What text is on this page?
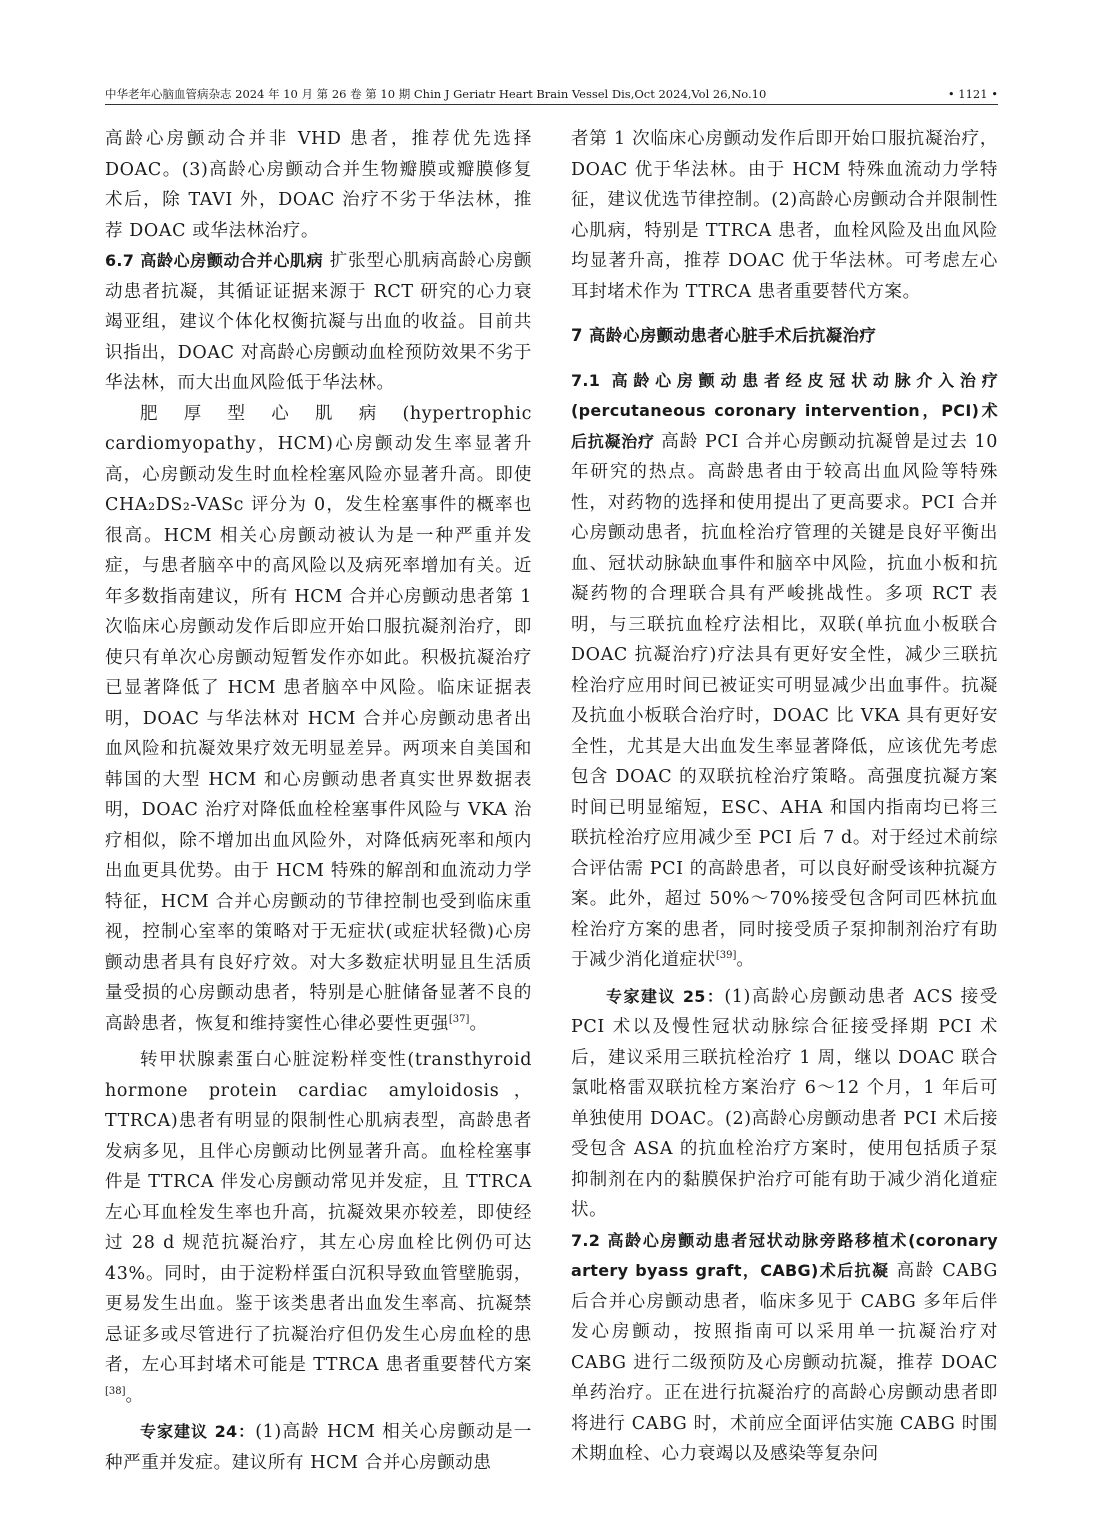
中华老年心脑血管病杂志 2024 年 10 月 第 26 卷 第 10 期 Chin J Geriatr Heart Brain Vessel Dis,Oct 2024,Vol 26,No.10	• 1121 •

高龄心房颤动合并非 VHD 患者，推荐优先选择 DOAC。(3)高龄心房颤动合并生物瓣膜或瓣膜修复术后，除 TAVI 外，DOAC 治疗不劣于华法林，推荐 DOAC 或华法林治疗。

6.7 高龄心房颤动合并心肌病 扩张型心肌病高龄心房颤动患者抗凝，其循证证据来源于 RCT 研究的心力衰竭亚组，建议个体化权衡抗凝与出血的收益。目前共识指出，DOAC 对高龄心房颤动血栓预防效果不劣于华法林，而大出血风险低于华法林。

肥厚型心肌病(hypertrophic cardiomyopathy，HCM)心房颤动发生率显著升高，心房颤动发生时血栓栓塞风险亦显著升高。即使 CHA₂DS₂-VASc 评分为 0，发生栓塞事件的概率也很高。HCM 相关心房颤动被认为是一种严重并发症，与患者脑卒中的高风险以及病死率增加有关。近年多数指南建议，所有 HCM 合并心房颤动患者第 1 次临床心房颤动发作后即应开始口服抗凝剂治疗，即使只有单次心房颤动短暂发作亦如此。积极抗凝治疗已显著降低了 HCM 患者脑卒中风险。临床证据表明，DOAC 与华法林对 HCM 合并心房颤动患者出血风险和抗凝效果疗效无明显差异。两项来自美国和韩国的大型 HCM 和心房颤动患者真实世界数据表明，DOAC 治疗对降低血栓栓塞事件风险与 VKA 治疗相似，除不增加出血风险外，对降低病死率和颅内出血更具优势。由于 HCM 特殊的解剖和血流动力学特征，HCM 合并心房颤动的节律控制也受到临床重视，控制心室率的策略对于无症状(或症状轻微)心房颤动患者具有良好疗效。对大多数症状明显且生活质量受损的心房颤动患者，特别是心脏储备显著不良的高龄患者，恢复和维持窦性心律必要性更强[37]。

转甲状腺素蛋白心脏淀粉样变性(transthyroid hormone protein cardiac amyloidosis，TTRCA)患者有明显的限制性心肌病表型，高龄患者发病多见，且伴心房颤动比例显著升高。血栓栓塞事件是 TTRCA 伴发心房颤动常见并发症，且 TTRCA 左心耳血栓发生率也升高，抗凝效果亦较差，即使经过 28 d 规范抗凝治疗，其左心房血栓比例仍可达 43%。同时，由于淀粉样蛋白沉积导致血管壁脆弱，更易发生出血。鉴于该类患者出血发生率高、抗凝禁忌证多或尽管进行了抗凝治疗但仍发生心房血栓的患者，左心耳封堵术可能是 TTRCA 患者重要替代方案[38]。

专家建议 24：(1)高龄 HCM 相关心房颤动是一种严重并发症。建议所有 HCM 合并心房颤动患

者第 1 次临床心房颤动发作后即开始口服抗凝治疗，DOAC 优于华法林。由于 HCM 特殊血流动力学特征，建议优选节律控制。(2)高龄心房颤动合并限制性心肌病，特别是 TTRCA 患者，血栓风险及出血风险均显著升高，推荐 DOAC 优于华法林。可考虑左心耳封堵术作为 TTRCA 患者重要替代方案。

7 高龄心房颤动患者心脏手术后抗凝治疗

7.1 高龄心房颤动患者经皮冠状动脉介入治疗(percutaneous coronary intervention，PCI)术后抗凝治疗 高龄 PCI 合并心房颤动抗凝曾是过去 10 年研究的热点。高龄患者由于较高出血风险等特殊性，对药物的选择和使用提出了更高要求。PCI 合并心房颤动患者，抗血栓治疗管理的关键是良好平衡出血、冠状动脉缺血事件和脑卒中风险，抗血小板和抗凝药物的合理联合具有严峻挑战性。多项 RCT 表明，与三联抗血栓疗法相比，双联(单抗血小板联合 DOAC 抗凝治疗)疗法具有更好安全性，减少三联抗栓治疗应用时间已被证实可明显减少出血事件。抗凝及抗血小板联合治疗时，DOAC 比 VKA 具有更好安全性，尤其是大出血发生率显著降低，应该优先考虑包含 DOAC 的双联抗栓治疗策略。高强度抗凝方案时间已明显缩短，ESC、AHA 和国内指南均已将三联抗栓治疗应用减少至 PCI 后 7 d。对于经过术前综合评估需 PCI 的高龄患者，可以良好耐受该种抗凝方案。此外，超过 50%～70%接受包含阿司匹林抗血栓治疗方案的患者，同时接受质子泵抑制剂治疗有助于减少消化道症状[39]。

专家建议 25：(1)高龄心房颤动患者 ACS 接受 PCI 术以及慢性冠状动脉综合征接受择期 PCI 术后，建议采用三联抗栓治疗 1 周，继以 DOAC 联合氯吡格雷双联抗栓方案治疗 6～12 个月，1 年后可单独使用 DOAC。(2)高龄心房颤动患者 PCI 术后接受包含 ASA 的抗血栓治疗方案时，使用包括质子泵抑制剂在内的黏膜保护治疗可能有助于减少消化道症状。

7.2 高龄心房颤动患者冠状动脉旁路移植术(coronary artery byass graft，CABG)术后抗凝 高龄 CABG 后合并心房颤动患者，临床多见于 CABG 多年后伴发心房颤动，按照指南可以采用单一抗凝治疗对 CABG 进行二级预防及心房颤动抗凝，推荐 DOAC 单药治疗。正在进行抗凝治疗的高龄心房颤动患者即将进行 CABG 时，术前应全面评估实施 CABG 时围术期血栓、心力衰竭以及感染等复杂问
